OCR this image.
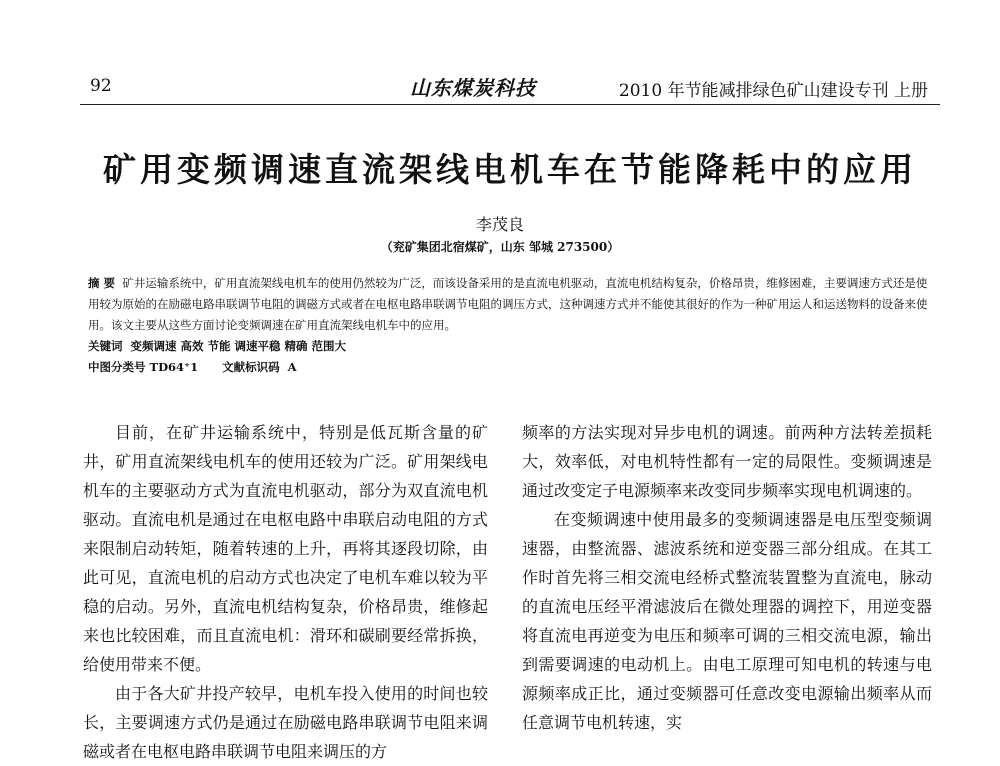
92	山东煤炭科技	2010 年节能减排绿色矿山建设专刊 上册
矿用变频调速直流架线电机车在节能降耗中的应用
李茂良
（兖矿集团北宿煤矿，山东 邹城 273500）

摘 要 矿井运输系统中，矿用直流架线电机车的使用仍然较为广泛，而该设备采用的是直流电机驱动，直流电机结构复杂，价格昂贵，维修困难，主要调速方式还是使用较为原始的在励磁电路串联调节电阻的调磁方式或者在电枢电路串联调节电阻的调压方式，这种调速方式并不能使其很好的作为一种矿用运人和运送物料的设备来使用。该文主要从这些方面讨论变频调速在矿用直流架线电机车中的应用。

关键词 变频调速 高效 节能 调速平稳 精确 范围大

中图分类号 TD64⁺1 文献标识码 A

目前，在矿井运输系统中，特别是低瓦斯含量的矿井，矿用直流架线电机车的使用还较为广泛。矿用架线电机车的主要驱动方式为直流电机驱动，部分为双直流电机驱动。直流电机是通过在电枢电路中串联启动电阻的方式来限制启动转矩，随着转速的上升，再将其逐段切除，由此可见，直流电机的启动方式也决定了电机车难以较为平稳的启动。另外，直流电机结构复杂，价格昂贵，维修起来也比较困难，而且直流电机：滑环和碳刷要经常拆换，给使用带来不便。

由于各大矿井投产较早，电机车投入使用的时间也较长，主要调速方式仍是通过在励磁电路串联调节电阻来调磁或者在电枢电路串联调节电阻来调压的方

频率的方法实现对异步电机的调速。前两种方法转差损耗大，效率低，对电机特性都有一定的局限性。变频调速是通过改变定子电源频率来改变同步频率实现电机调速的。

在变频调速中使用最多的变频调速器是电压型变频调速器，由整流器、滤波系统和逆变器三部分组成。在其工作时首先将三相交流电经桥式整流装置整为直流电，脉动的直流电压经平滑滤波后在微处理器的调控下，用逆变器将直流电再逆变为电压和频率可调的三相交流电源，输出到需要调速的电动机上。由电工原理可知电机的转速与电源频率成正比，通过变频器可任意改变电源输出频率从而任意调节电机转速，实
